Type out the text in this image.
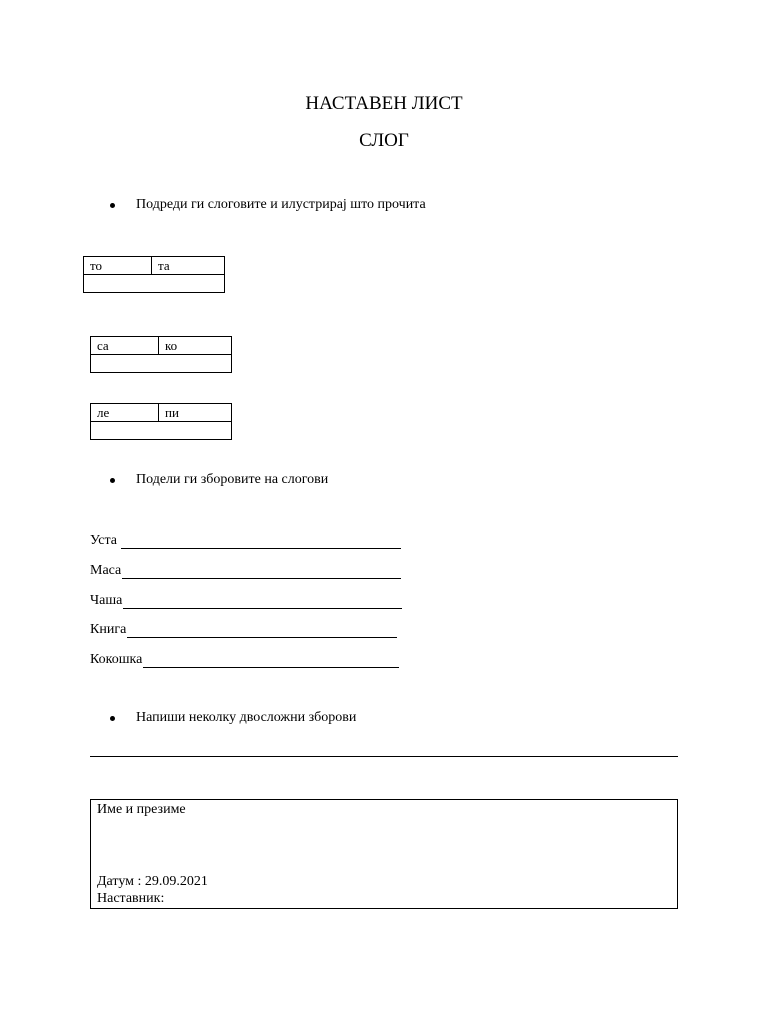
НАСТАВЕН ЛИСТ
СЛОГ
Подреди ги слоговите и илустрирај што прочита
то	та

са	ко

ле	пи

Подели ги зборовите на слогови
Уста
Маса
Чаша
Книга
Кокошка
Напиши неколку двосложни зборови
Име и презиме
Датум : 29.09.2021
Наставник:
